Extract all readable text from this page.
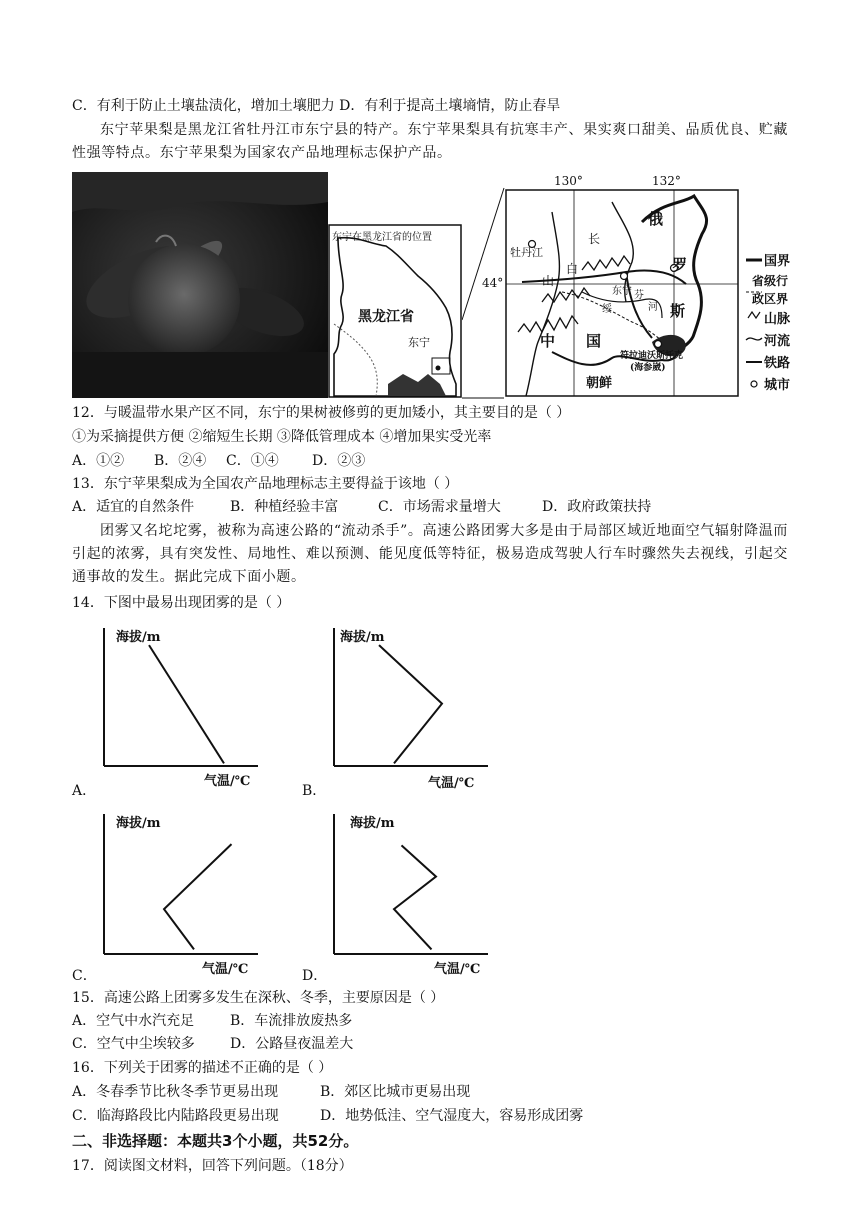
C．有利于防止土壤盐渍化，增加土壤肥力 D．有利于提高土壤墒情，防止春旱
东宁苹果梨是黑龙江省牡丹江市东宁县的特产。东宁苹果梨具有抗寒丰产、果实爽口甜美、品质优良、贮藏性强等特点。东宁苹果梨为国家农产品地理标志保护产品。
东宁在黑龙江省的位置
黑龙江省
东宁
130°	132°
44°
牡丹江
山
白
长
俄
罗
斯
中 国
东宁
绥
芬
河
符拉迪沃斯托克
(海参崴)
朝鲜
国界
省级行
政区界
山脉
河流
铁路
城市
12．与暖温带水果产区不同，东宁的果树被修剪的更加矮小，其主要目的是（ ）
①为采摘提供方便 ②缩短生长期 ③降低管理成本 ④增加果实受光率
A．①② B．②④ C．①④ D．②③
13．东宁苹果梨成为全国农产品地理标志主要得益于该地（ ）
A．适宜的自然条件	B．种植经验丰富	C．市场需求量增大	D．政府政策扶持
团雾又名坨坨雾，被称为高速公路的“流动杀手”。高速公路团雾大多是由于局部区域近地面空气辐射降温而引起的浓雾，具有突发性、局地性、难以预测、能见度低等特征，极易造成驾驶人行车时骤然失去视线，引起交通事故的发生。据此完成下面小题。
14．下图中最易出现团雾的是（ ）
A．
海拔/m
气温/℃
B．
海拔/m
气温/℃
C．
海拔/m
气温/℃	D．
海拔/m
气温/℃
15．高速公路上团雾多发生在深秋、冬季，主要原因是（ ）
A．空气中水汽充足	B．车流排放废热多
C．空气中尘埃较多	D．公路昼夜温差大
16．下列关于团雾的描述不正确的是（ ）
A．冬春季节比秋冬季节更易出现	B．郊区比城市更易出现
C．临海路段比内陆路段更易出现	D．地势低洼、空气湿度大，容易形成团雾
二、非选择题：本题共3个小题，共52分。
17．阅读图文材料，回答下列问题。（18分）
